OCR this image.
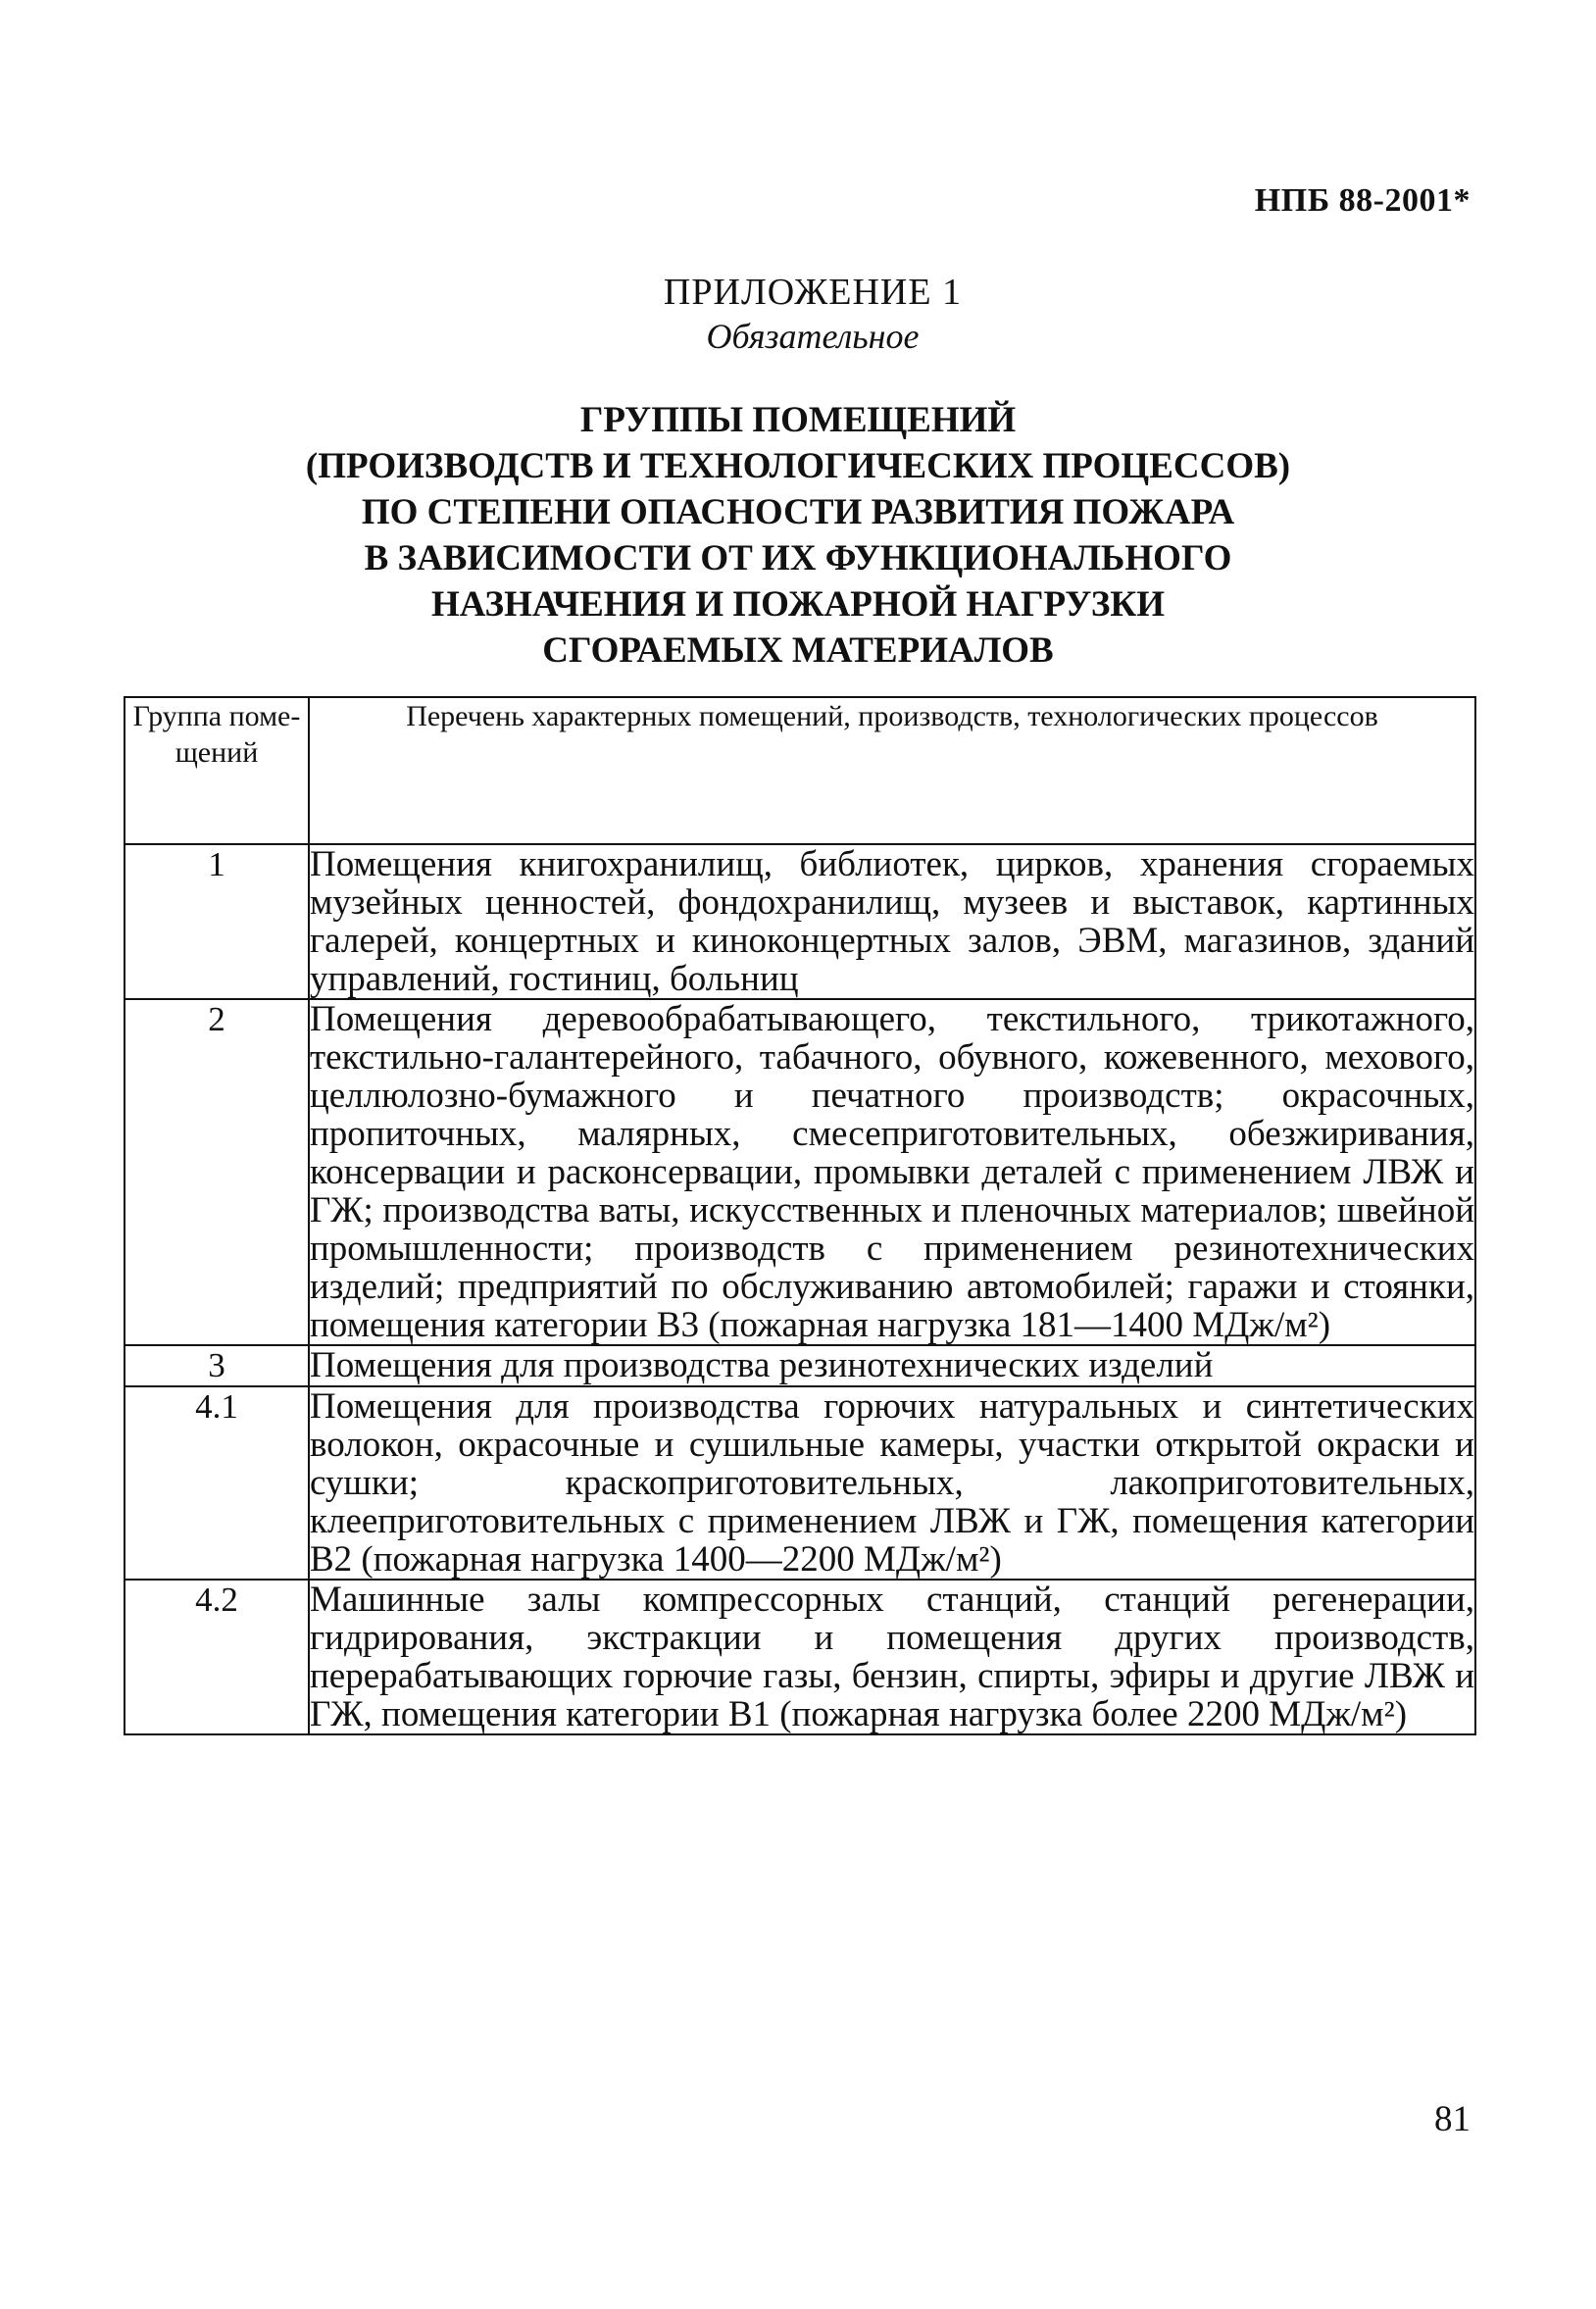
НПБ 88-2001*
ПРИЛОЖЕНИЕ 1
Обязательное
ГРУППЫ ПОМЕЩЕНИЙ
(ПРОИЗВОДСТВ И ТЕХНОЛОГИЧЕСКИХ ПРОЦЕССОВ)
ПО СТЕПЕНИ ОПАСНОСТИ РАЗВИТИЯ ПОЖАРА
В ЗАВИСИМОСТИ ОТ ИХ ФУНКЦИОНАЛЬНОГО
НАЗНАЧЕНИЯ И ПОЖАРНОЙ НАГРУЗКИ
СГОРАЕМЫХ МАТЕРИАЛОВ
Группа помещений	Перечень характерных помещений, производств, технологических процессов
1	Помещения книгохранилищ, библиотек, цирков, хранения сгораемых музейных ценностей, фондохранилищ, музеев и выставок, картинных галерей, концертных и киноконцертных залов, ЭВМ, магазинов, зданий управлений, гостиниц, больниц
2	Помещения деревообрабатывающего, текстильного, трикотажного, текстильно-галантерейного, табачного, обувного, кожевенного, мехового, целлюлозно-бумажного и печатного производств; окрасочных, пропиточных, малярных, смесеприготовительных, обезжиривания, консервации и расконсервации, промывки деталей с применением ЛВЖ и ГЖ; производства ваты, искусственных и пленочных материалов; швейной промышленности; производств с применением резинотехнических изделий; предприятий по обслуживанию автомобилей; гаражи и стоянки, помещения категории В3 (пожарная нагрузка 181—1400 МДж/м²)
3	Помещения для производства резинотехнических изделий
4.1	Помещения для производства горючих натуральных и синтетических волокон, окрасочные и сушильные камеры, участки открытой окраски и сушки; краскоприготовительных, лакоприготовительных, клееприготовительных с применением ЛВЖ и ГЖ, помещения категории В2 (пожарная нагрузка 1400—2200 МДж/м²)
4.2	Машинные залы компрессорных станций, станций регенерации, гидрирования, экстракции и помещения других производств, перерабатывающих горючие газы, бензин, спирты, эфиры и другие ЛВЖ и ГЖ, помещения категории В1 (пожарная нагрузка более 2200 МДж/м²)
81
